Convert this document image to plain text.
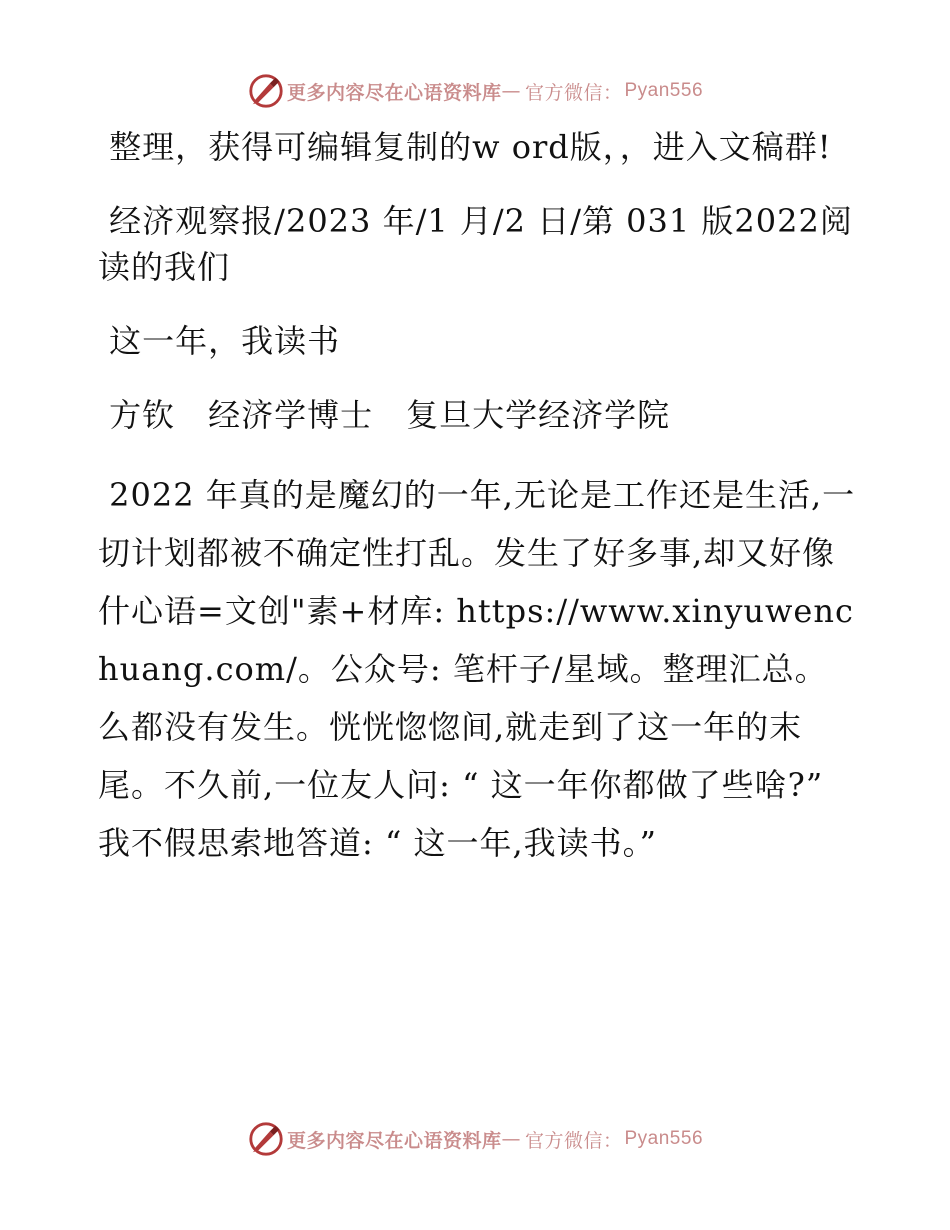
更多内容尽在心语资料库 — 官方微信： Pyan556

整理，获得可编辑复制的w ord版，，进入文稿群!

经济观察报/2023 年/1 月/2 日/第 031 版2022阅读的我们

这一年，我读书

方钦　经济学博士　复旦大学经济学院

2022 年真的是魔幻的一年,无论是工作还是生活,一切计划都被不确定性打乱。发生了好多事,却又好像什心语=文创"素+材库: https://www.xinyuwenchuang.com/。公众号: 笔杆子/星域。整理汇总。么都没有发生。恍恍惚惚间,就走到了这一年的末尾。不久前,一位友人问: “ 这一年你都做了些啥?” 我不假思索地答道: “ 这一年,我读书。”

更多内容尽在心语资料库 — 官方微信： Pyan556
